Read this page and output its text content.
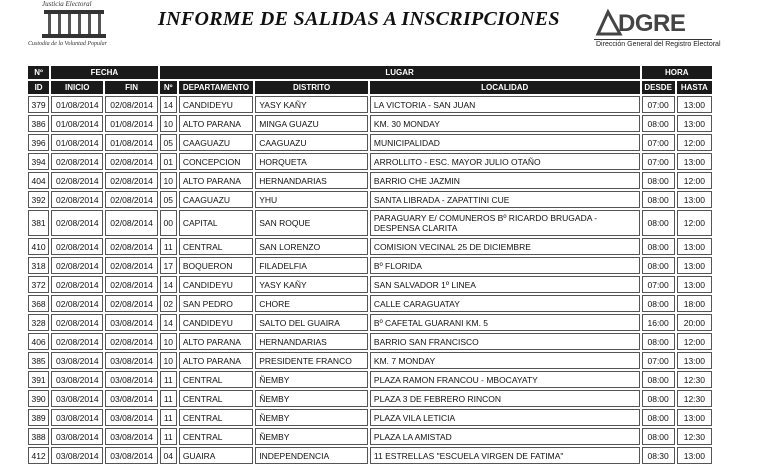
Justicia Electoral
Custodia de la Voluntad Popular
INFORME DE SALIDAS A INSCRIPCIONES DGRE
Dirección General del Registro Electoral
Nº	FECHA		LUGAR				HORA	
ID	INICIO	FIN	Nº	DEPARTAMENTO	DISTRITO	LOCALIDAD	DESDE	HASTA
379	01/08/2014	02/08/2014	14	CANDIDEYU	YASY KAÑY	LA VICTORIA - SAN JUAN	07:00	13:00
386	01/08/2014	01/08/2014	10	ALTO PARANA	MINGA GUAZU	KM. 30 MONDAY	08:00	13:00
396	01/08/2014	01/08/2014	05	CAAGUAZU	CAAGUAZU	MUNICIPALIDAD	07:00	12:00
394	02/08/2014	02/08/2014	01	CONCEPCION	HORQUETA	ARROLLITO - ESC. MAYOR JULIO OTAÑO	07:00	13:00
404	02/08/2014	02/08/2014	10	ALTO PARANA	HERNANDARIAS	BARRIO CHE JAZMIN	08:00	12:00
392	02/08/2014	02/08/2014	05	CAAGUAZU	YHU	SANTA LIBRADA - ZAPATTINI CUE	08:00	13:00
381	02/08/2014	02/08/2014	00	CAPITAL	SAN ROQUE	PARAGUARY E/ COMUNEROS Bº RICARDO BRUGADA - DESPENSA CLARITA	08:00	12:00
410	02/08/2014	02/08/2014	11	CENTRAL	SAN LORENZO	COMISION VECINAL 25 DE DICIEMBRE	08:00	13:00
318	02/08/2014	02/08/2014	17	BOQUERON	FILADELFIA	Bº FLORIDA	08:00	13:00
372	02/08/2014	02/08/2014	14	CANDIDEYU	YASY KAÑY	SAN SALVADOR 1º LINEA	07:00	13:00
368	02/08/2014	02/08/2014	02	SAN PEDRO	CHORE	CALLE CARAGUATAY	08:00	18:00
328	02/08/2014	03/08/2014	14	CANDIDEYU	SALTO DEL GUAIRA	Bº CAFETAL GUARANI KM. 5	16:00	20:00
406	02/08/2014	02/08/2014	10	ALTO PARANA	HERNANDARIAS	BARRIO SAN FRANCISCO	08:00	12:00
385	03/08/2014	03/08/2014	10	ALTO PARANA	PRESIDENTE FRANCO	KM. 7 MONDAY	07:00	13:00
391	03/08/2014	03/08/2014	11	CENTRAL	ÑEMBY	PLAZA RAMON FRANCOU - MBOCAYATY	08:00	12:30
390	03/08/2014	03/08/2014	11	CENTRAL	ÑEMBY	PLAZA 3 DE FEBRERO RINCON	08:00	12:30
389	03/08/2014	03/08/2014	11	CENTRAL	ÑEMBY	PLAZA VILA LETICIA	08:00	13:00
388	03/08/2014	03/08/2014	11	CENTRAL	ÑEMBY	PLAZA LA AMISTAD	08:00	12:30
412	03/08/2014	03/08/2014	04	GUAIRA	INDEPENDENCIA	11 ESTRELLAS "ESCUELA VIRGEN DE FATIMA"	08:30	13:00
